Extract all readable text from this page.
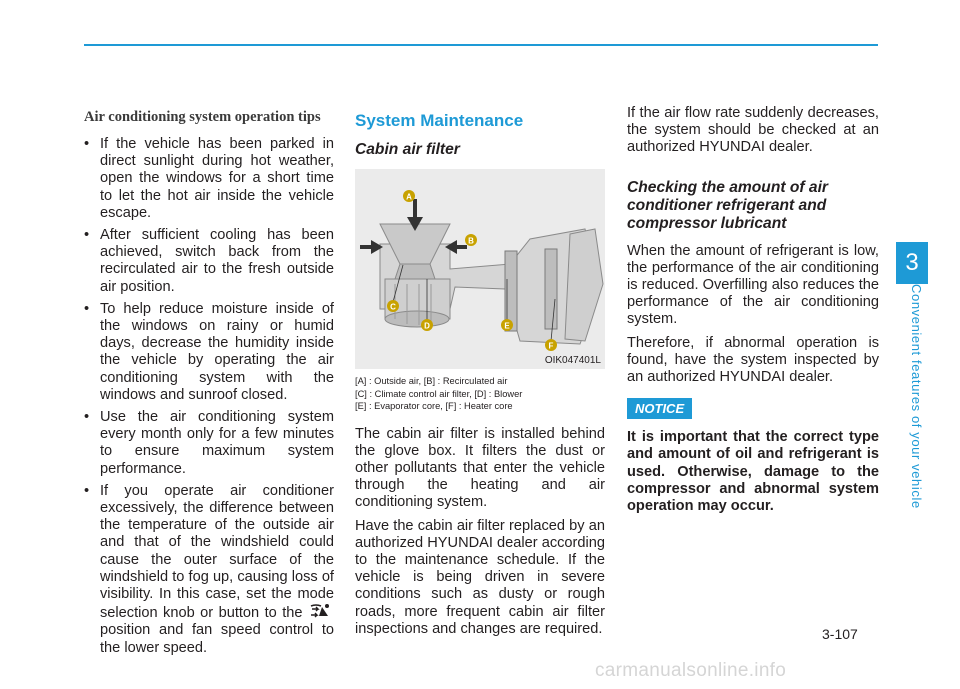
3
Convenient features of your vehicle
Air conditioning system operation tips
• If the vehicle has been parked in direct sunlight during hot weather, open the windows for a short time to let the hot air inside the vehicle escape.
• After sufficient cooling has been achieved, switch back from the recirculated air to the fresh outside air position.
• To help reduce moisture inside of the windows on rainy or humid days, decrease the humidity inside the vehicle by operating the air conditioning system with the windows and sunroof closed.
• Use the air conditioning system every month only for a few minutes to ensure maximum system performance.
• If you operate air conditioner excessively, the difference between the temperature of the outside air and that of the windshield could cause the outer surface of the windshield to fog up, causing loss of visibility. In this case, set the mode selection knob or button to the  position and fan speed control to the lower speed.
System Maintenance
Cabin air filter
A
B
C
D	E
F
OIK047401L
[A] : Outside air, [B] : Recirculated air
[C] : Climate control air filter, [D] : Blower
[E] : Evaporator core, [F] : Heater core

The cabin air filter is installed behind the glove box. It filters the dust or other pollutants that enter the vehicle through the heating and air conditioning system.

Have the cabin air filter replaced by an authorized HYUNDAI dealer according to the maintenance schedule. If the vehicle is being driven in severe conditions such as dusty or rough roads, more frequent cabin air filter inspections and changes are required.

If the air flow rate suddenly decreases, the system should be checked at an authorized HYUNDAI dealer.

Checking the amount of air conditioner refrigerant and compressor lubricant

When the amount of refrigerant is low, the performance of the air conditioning is reduced. Overfilling also reduces the performance of the air conditioning system.

Therefore, if abnormal operation is found, have the system inspected by an authorized HYUNDAI dealer.

NOTICE

It is important that the correct type and amount of oil and refrigerant is used. Otherwise, damage to the compressor and abnormal system operation may occur.

3-107
carmanualsonline.info
